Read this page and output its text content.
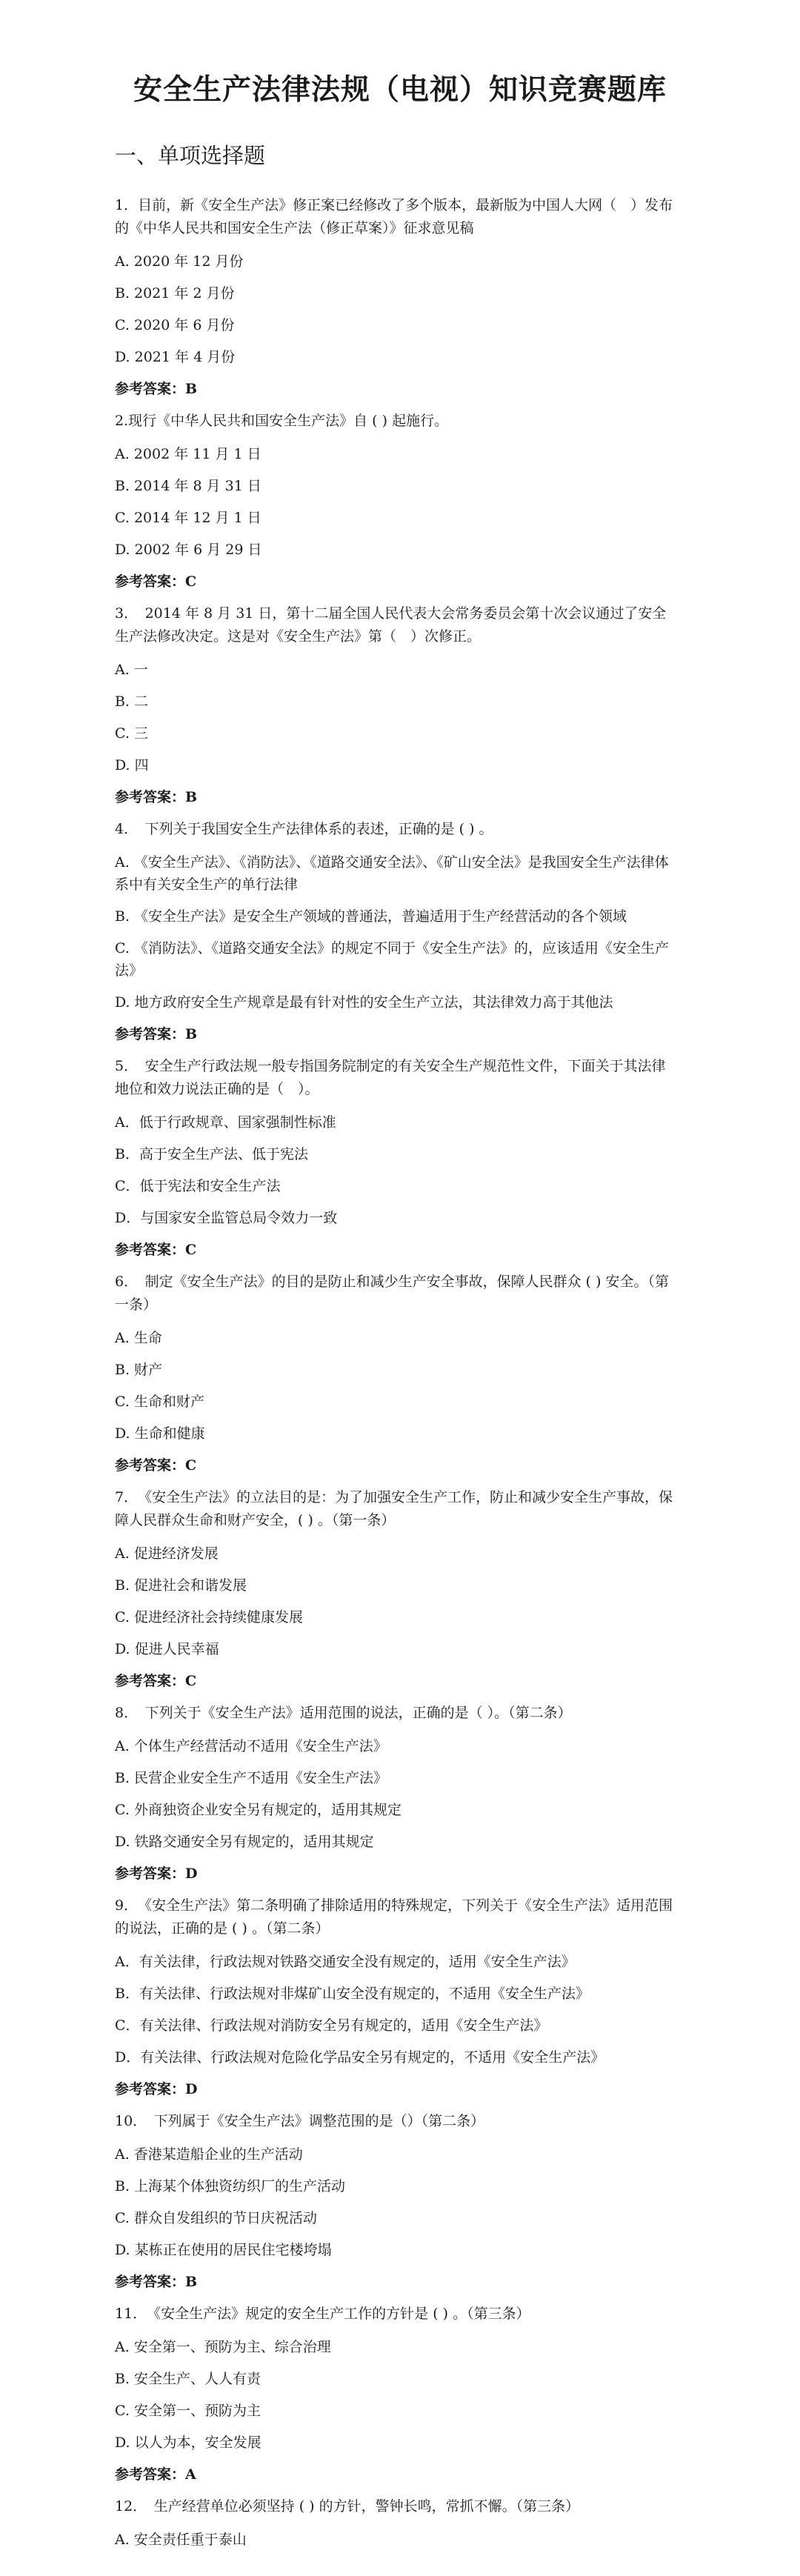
安全生产法律法规（电视）知识竞赛题库
一、单项选择题

1．目前，新《安全生产法》修正案已经修改了多个版本，最新版为中国人大网（　）发布的《中华人民共和国安全生产法（修正草案）》征求意见稿

A. 2020 年 12 月份

B. 2021 年 2 月份

C. 2020 年 6 月份

D. 2021 年 4 月份

参考答案：B

2.现行《中华人民共和国安全生产法》自 ( ) 起施行。

A. 2002 年 11 月 1 日

B. 2014 年 8 月 31 日

C. 2014 年 12 月 1 日

D. 2002 年 6 月 29 日

参考答案：C

3．　2014 年 8 月 31 日，第十二届全国人民代表大会常务委员会第十次会议通过了安全生产法修改决定。这是对《安全生产法》第（　）次修正。

A. 一

B. 二

C. 三

D. 四

参考答案：B

4．　下列关于我国安全生产法律体系的表述，正确的是 ( ) 。

A. 《安全生产法》、《消防法》、《道路交通安全法》、《矿山安全法》是我国安全生产法律体系中有关安全生产的单行法律

B. 《安全生产法》是安全生产领域的普通法，普遍适用于生产经营活动的各个领域

C. 《消防法》、《道路交通安全法》的规定不同于《安全生产法》的，应该适用《安全生产法》

D. 地方政府安全生产规章是最有针对性的安全生产立法，其法律效力高于其他法

参考答案：B

5．　安全生产行政法规一般专指国务院制定的有关安全生产规范性文件，下面关于其法律地位和效力说法正确的是（　）。

A．低于行政规章、国家强制性标准

B．高于安全生产法、低于宪法

C．低于宪法和安全生产法

D．与国家安全监管总局令效力一致

参考答案：C

6．　制定《安全生产法》的目的是防止和减少生产安全事故，保障人民群众 ( ) 安全。（第一条）

A. 生命

B. 财产

C. 生命和财产

D. 生命和健康

参考答案：C

7．　《安全生产法》的立法目的是：为了加强安全生产工作，防止和减少安全生产事故，保障人民群众生命和财产安全，( ) 。（第一条）

A. 促进经济发展

B. 促进社会和谐发展

C. 促进经济社会持续健康发展

D. 促进人民幸福

参考答案：C

8．　下列关于《安全生产法》适用范围的说法，正确的是（ ）。（第二条）

A. 个体生产经营活动不适用《安全生产法》

B. 民营企业安全生产不适用《安全生产法》

C. 外商独资企业安全另有规定的，适用其规定

D. 铁路交通安全另有规定的，适用其规定

参考答案：D

9．　《安全生产法》第二条明确了排除适用的特殊规定，下列关于《安全生产法》适用范围的说法，正确的是 ( ) 。（第二条）

A．有关法律，行政法规对铁路交通安全没有规定的，适用《安全生产法》

B．有关法律、行政法规对非煤矿山安全没有规定的，不适用《安全生产法》

C．有关法律、行政法规对消防安全另有规定的，适用《安全生产法》

D．有关法律、行政法规对危险化学品安全另有规定的，不适用《安全生产法》

参考答案：D

10．　下列属于《安全生产法》调整范围的是（）（第二条）

A. 香港某造船企业的生产活动

B. 上海某个体独资纺织厂的生产活动

C. 群众自发组织的节日庆祝活动

D. 某栋正在使用的居民住宅楼垮塌

参考答案：B

11．　《安全生产法》规定的安全生产工作的方针是 ( ) 。（第三条）

A. 安全第一、预防为主、综合治理

B. 安全生产、人人有责

C. 安全第一、预防为主

D. 以人为本，安全发展

参考答案：A

12．　生产经营单位必须坚持 ( ) 的方针，警钟长鸣，常抓不懈。（第三条）

A. 安全责任重于泰山
